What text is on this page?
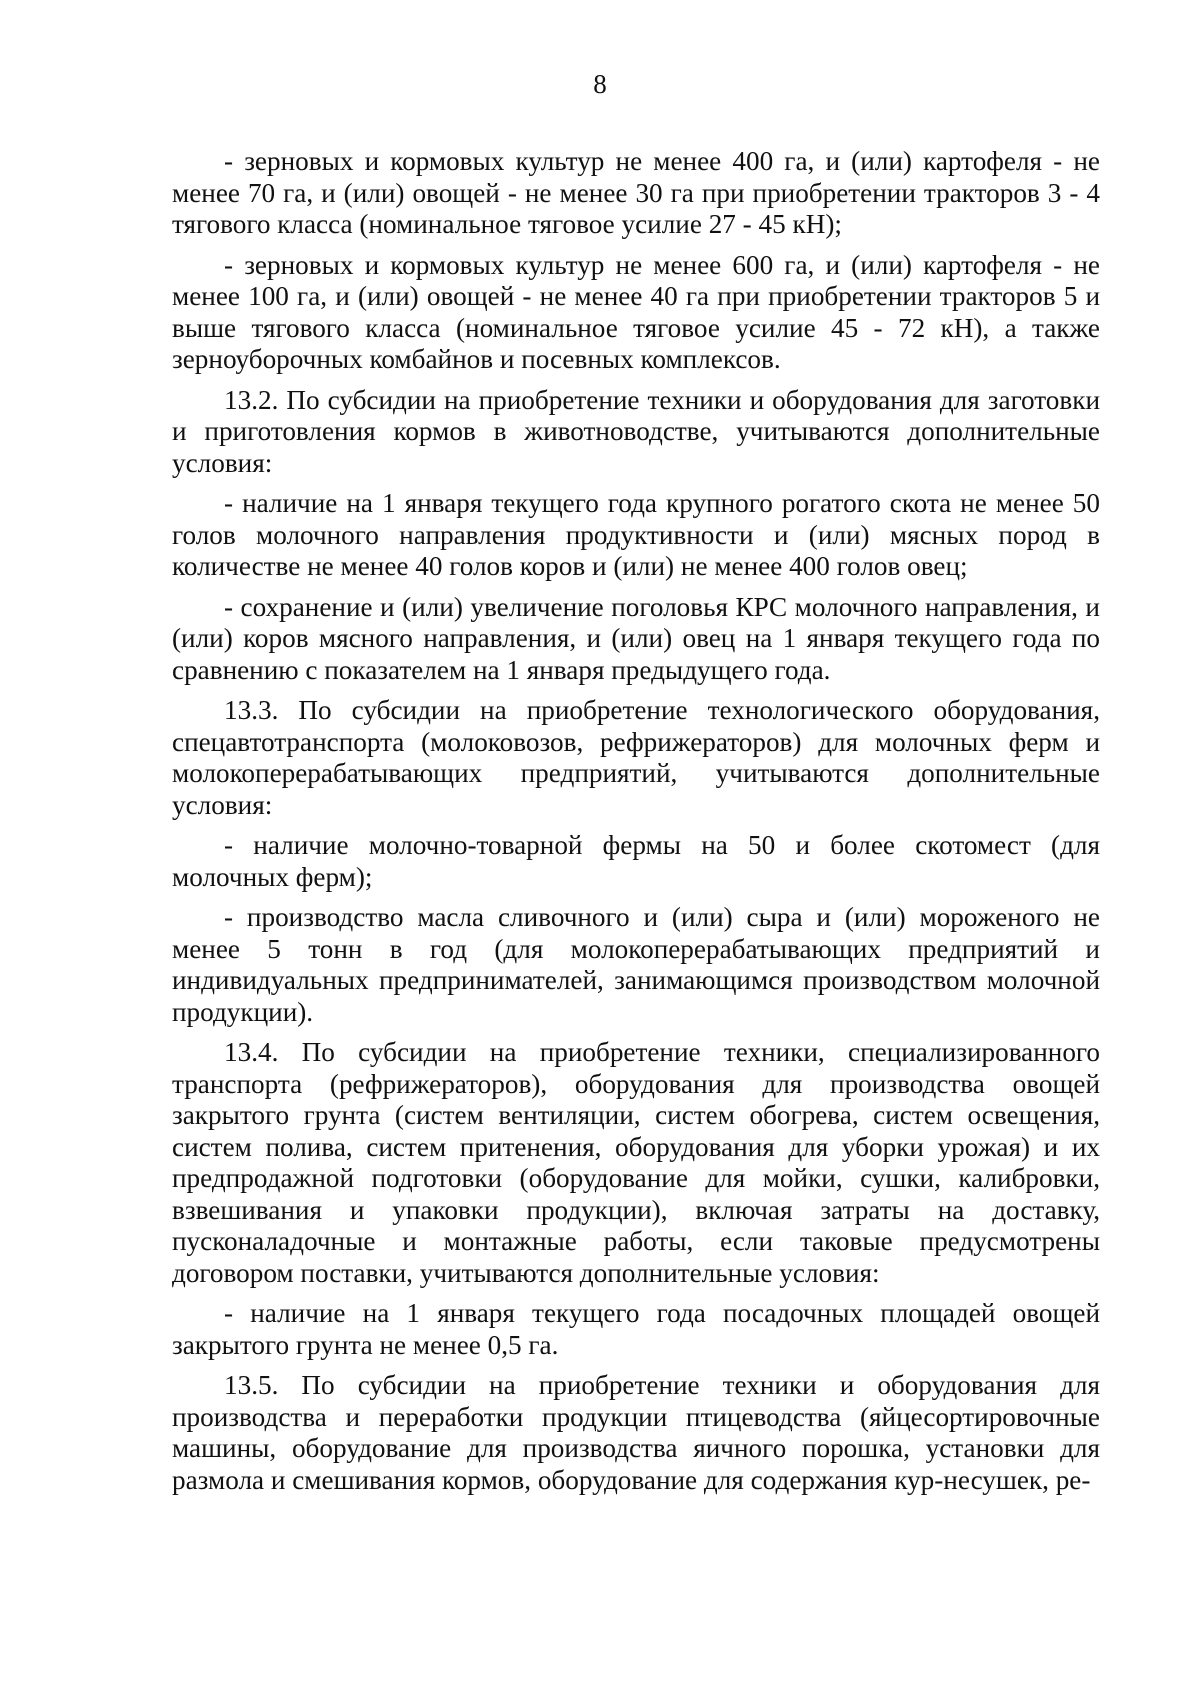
8

- зерновых и кормовых культур не менее 400 га, и (или) картофеля - не менее 70 га, и (или) овощей - не менее 30 га при приобретении тракторов 3 - 4 тягового класса (номинальное тяговое усилие 27 - 45 кН);

- зерновых и кормовых культур не менее 600 га, и (или) картофеля - не менее 100 га, и (или) овощей - не менее 40 га при приобретении тракторов 5 и выше тягового класса (номинальное тяговое усилие 45 - 72 кН), а также зерноуборочных комбайнов и посевных комплексов.

13.2. По субсидии на приобретение техники и оборудования для заготовки и приготовления кормов в животноводстве, учитываются дополнительные условия:

- наличие на 1 января текущего года крупного рогатого скота не менее 50 голов молочного направления продуктивности и (или) мясных пород в количестве не менее 40 голов коров и (или) не менее 400 голов овец;

- сохранение и (или) увеличение поголовья КРС молочного направления, и (или) коров мясного направления, и (или) овец на 1 января текущего года по сравнению с показателем на 1 января предыдущего года.

13.3. По субсидии на приобретение технологического оборудования, спецавтотранспорта (молоковозов, рефрижераторов) для молочных ферм и молокоперерабатывающих предприятий, учитываются дополнительные условия:

- наличие молочно-товарной фермы на 50 и более скотомест (для молочных ферм);

- производство масла сливочного и (или) сыра и (или) мороженого не менее 5 тонн в год (для молокоперерабатывающих предприятий и индивидуальных предпринимателей, занимающимся производством молочной продукции).

13.4. По субсидии на приобретение техники, специализированного транспорта (рефрижераторов), оборудования для производства овощей закрытого грунта (систем вентиляции, систем обогрева, систем освещения, систем полива, систем притенения, оборудования для уборки урожая) и их предпродажной подготовки (оборудование для мойки, сушки, калибровки, взвешивания и упаковки продукции), включая затраты на доставку, пусконаладочные и монтажные работы, если таковые предусмотрены договором поставки, учитываются дополнительные условия:

- наличие на 1 января текущего года посадочных площадей овощей закрытого грунта не менее 0,5 га.

13.5. По субсидии на приобретение техники и оборудования для производства и переработки продукции птицеводства (яйцесортировочные машины, оборудование для производства яичного порошка, установки для размола и смешивания кормов, оборудование для содержания кур-несушек, ре-
